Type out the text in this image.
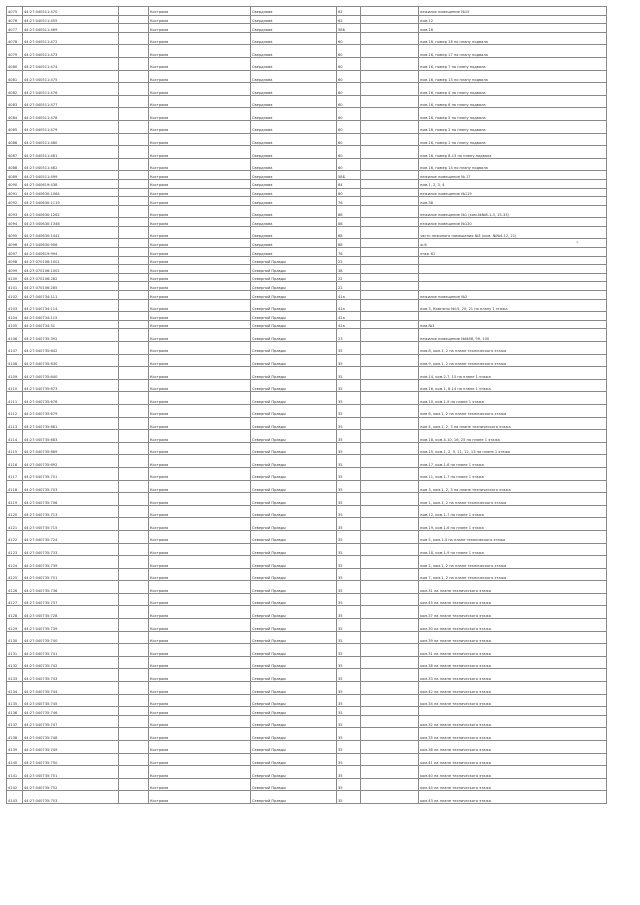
4075	44:27:040511:470		Кострома	Свердлова	62		нежилое помещение №15
4076	44:27:040511:455		Кострома	Свердлова	62		пом.12
4077	44:27:040511:469		Кострома	Свердлова	58Б		пом.16
4078	44:27:040511:472		Кострома	Свердлова	60		пом.16, номер 18 по плану подвала
4079	44:27:040511:473		Кострома	Свердлова	60		пом.16, номер 17 по плану подвала
4080	44:27:040511:474		Кострома	Свердлова	60		пом.16, номер 7 по плану подвала
4081	44:27:040511:475		Кострома	Свердлова	60		пом.16, номер 15 по плану подвала
4082	44:27:040511:476		Кострома	Свердлова	60		пом.16, номер 4 по плану подвала
4083	44:27:040511:477		Кострома	Свердлова	60		пом.16, номер 6 по плану подвала
4084	44:27:040511:478		Кострома	Свердлова	60		пом.16, номер 5 по плану подвала
4085	44:27:040511:479		Кострома	Свердлова	60		пом.16, номер 2 по плану подвала
4086	44:27:040511:480		Кострома	Свердлова	60		пом.16, номер 1 по плану подвала
4087	44:27:040511:481		Кострома	Свердлова	60		пом.16, номер 8-13 по плану подвала
4088	44:27:040511:482		Кострома	Свердлова	60		пом.16, номер 14 по плану подвала
4089	44:27:040511:499		Кострома	Свердлова	58Б		нежилое помещение № 17
4090	44:27:040619:438		Кострома	Свердлова	84		пом.1, 2, 3, 4
4091	44:27:040630:1064		Кострома	Свердлова	80		нежилое помещение №119
4092	44:27:040630:1119		Кострома	Свердлова	76		пом.38
4093	44:27:040630:1262		Кострома	Свердлова	88		нежилое помещение №1 (ком.№№8-1-3, 15-33)
4094	44:27:040630:1346		Кострома	Свердлова	88		нежилое помещение №120
4095	44:27:040630:1441		Кострома	Свердлова	88		часть нежилого помещения №3 (ком. №№4-12, 21)
4096	44:27:040630:956		Кострома	Свердлова	88		ж.6
4097	44:27:040619:994		Кострома	Свердлова	76		этаж 61
4098	44:27:070106:1001		Кострома	Северной Правды	22		
4099	44:27:070106:1002		Кострома	Северной Правды	38		
4100	44:27:070106:282		Кострома	Северной Правды	22		
4101	44:27:070106:285		Кострома	Северной Правды	22		
4102	44:27:040734:111		Кострома	Северной Правды	41а		нежилое помещение №2
4103	44:27:040734:114		Кострома	Северной Правды	41а		пом.3, Комнаты №15, 20, 21 по плану 1 этажа
4104	44:27:040734:115		Кострома	Северной Правды	41а		
4105	44:27:040734:31		Кострома	Северной Правды	41а		пом.№3
4106	44:27:040735:392		Кострома	Северной Правды	23		нежилое помещение №№58, 99, 100
4107	44:27:040735:642		Кострома	Северной Правды	35		пом.8, ком.1, 2 на плане технического этажа
4108	44:27:040735:630		Кострома	Северной Правды	35		пом.9, ком.1, 2 на плане технического этажа
4109	44:27:040735:640		Кострома	Северной Правды	35		пом.14, ком.2-7, 15 на плане 1 этажа
4110	44:27:040735:673		Кострома	Северной Правды	35		пом.16, ком.1, 8-14 на плане 1 этажа
4111	44:27:040735:678		Кострома	Северной Правды	35		пом.10, ком.1-9 на плане 1 этажа
4112	44:27:040735:679		Кострома	Северной Правды	35		пом 6, ком.1, 2 на плане технического этажа
4113	44:27:040735:681		Кострома	Северной Правды	35		пом 4, ком.1, 2, 3 на плане технического этажа
4114	44:27:040735:683		Кострома	Северной Правды	35		пом.18, ком.4-10, 16, 25 на плане 1 этажа
4115	44:27:040735:689		Кострома	Северной Правды	35		пом.15, ком.1, 2, 9, 11, 12, 13 на плане 1 этажа
4116	44:27:040735:692		Кострома	Северной Правды	35		пом.17, ком.1-6 на плане 1 этажа
4117	44:27:040735:701		Кострома	Северной Правды	35		пом.11, ком.1-7 на плане 1 этажа
4118	44:27:040735:703		Кострома	Северной Правды	35		пом 3, ком.1, 2, 3 на плане технического этажа
4119	44:27:040735:706		Кострома	Северной Правды	35		пом 1, ком.1, 2 на плане технического этажа
4120	44:27:040735:713		Кострома	Северной Правды	35		пом.12, ком.1-7 на плане 1 этажа
4121	44:27:040735:715		Кострома	Северной Правды	35		пом.19, ком.1-6 на плане 1 этажа
4122	44:27:040735:724		Кострома	Северной Правды	35		пом 5, ком.1-4 на плане технического этажа
4123	44:27:040735:733		Кострома	Северной Правды	35		пом.18, ком.1-9 на плане 1 этажа
4124	44:27:040735:739		Кострома	Северной Правды	35		пом 2, ком.1, 2 на плане технического этажа
4125	44:27:040735:751		Кострома	Северной Правды	35		пом 7, ком.1, 2 на плане технического этажа
4126	44:27:040735:736		Кострома	Северной Правды	35		ком.31 на плане технического этажа
4127	44:27:040735:737		Кострома	Северной Правды	35		ком.45 на плане технического этажа
4128	44:27:040735:728		Кострома	Северной Правды	35		ком.37 на плане технического этажа
4129	44:27:040735:739		Кострома	Северной Правды	35		ком.30 на плане технического этажа
4130	44:27:040735:740		Кострома	Северной Правды	35		ком.39 на плане технического этажа
4131	44:27:040735:741		Кострома	Северной Правды	35		ком.31 на плане технического этажа
4132	44:27:040735:742		Кострома	Северной Правды	35		ком.38 на плане технического этажа
4133	44:27:040735:743		Кострома	Северной Правды	35		ком.33 на плане технического этажа
4134	44:27:040735:744		Кострома	Северной Правды	35		ком.42 на плане технического этажа
4135	44:27:040735:745		Кострома	Северной Правды	35		ком.34 на плане технического этажа
4136	44:27:040735:746		Кострома	Северной Правды	35		
4137	44:27:040735:747		Кострома	Северной Правды	35		ком.32 на плане технического этажа
4138	44:27:040735:748		Кострома	Северной Правды	35		ком.35 на плане технического этажа
4139	44:27:040735:749		Кострома	Северной Правды	35		ком.36 на плане технического этажа
4140	44:27:040735:750		Кострома	Северной Правды	35		ком.41 на плане технического этажа
4141	44:27:040735:751		Кострома	Северной Правды	35		ком.40 на плане технического этажа
4142	44:27:040735:752		Кострома	Северной Правды	35		ком.44 на плане технического этажа
4143	44:27:040735:753		Кострома	Северной Правды	35		ком.43 на плане технического этажа
*
